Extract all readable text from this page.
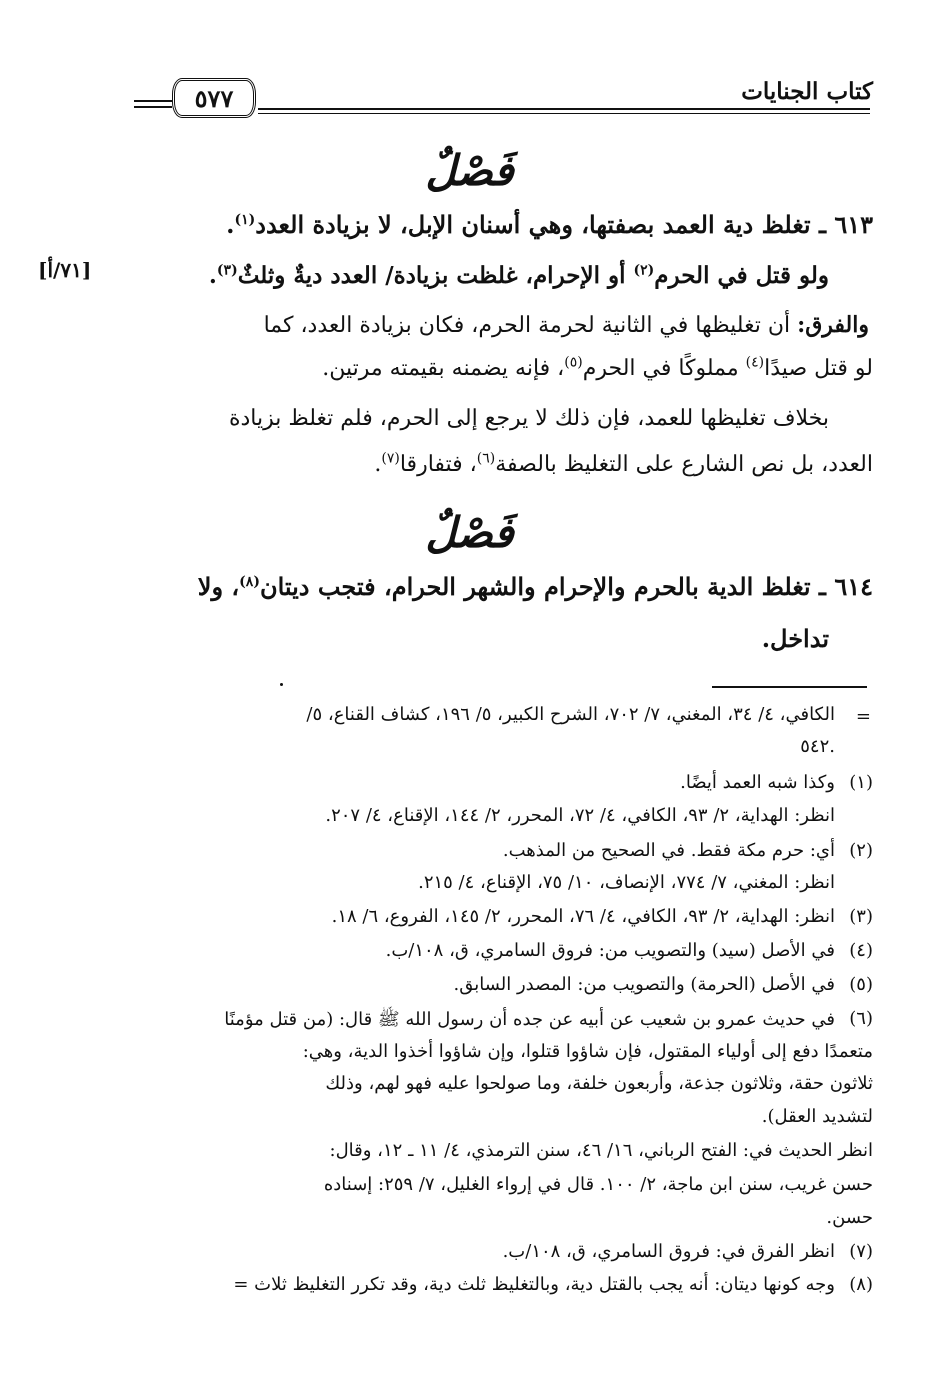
كتاب الجنايات
٥٧٧
فَصْلٌ
[٧١/أ]
٦١٣ ـ تغلظ دية العمد بصفتها، وهي أسنان الإبل، لا بزيادة العدد$^{(١)}$.
ولو قتل في الحرم$^{(٢)}$ أو الإحرام، غلظت بزيادة/ العدد ديةٌ وثلثٌ$^{(٣)}$.
والفرق: أن تغليظها في الثانية لحرمة الحرم، فكان بزيادة العدد، كما
لو قتل صيدًا$^{(٤)}$ مملوكًا في الحرم$^{(٥)}$، فإنه يضمنه بقيمته مرتين.
بخلاف تغليظها للعمد، فإن ذلك لا يرجع إلى الحرم، فلم تغلظ بزيادة
العدد، بل نص الشارع على التغليظ بالصفة$^{(٦)}$، فتفارقا$^{(٧)}$.
فَصْلٌ
٦١٤ ـ تغلظ الدية بالحرم والإحرام والشهر الحرام، فتجب ديتان$^{(٨)}$، ولا
تداخل.
=
الكافي، ٤/ ٣٤، المغني، ٧/ ٧٠٢، الشرح الكبير، ٥/ ١٩٦، كشاف القناع، ٥/
٥٤٢.
(١)
وكذا شبه العمد أيضًا.
انظر: الهداية، ٢/ ٩٣، الكافي، ٤/ ٧٢، المحرر، ٢/ ١٤٤، الإقناع، ٤/ ٢٠٧.
(٢)
أي: حرم مكة فقط. في الصحيح من المذهب.
انظر: المغني، ٧/ ٧٧٤، الإنصاف، ١٠/ ٧٥، الإقناع، ٤/ ٢١٥.
(٣)
انظر: الهداية، ٢/ ٩٣، الكافي، ٤/ ٧٦، المحرر، ٢/ ١٤٥، الفروع، ٦/ ١٨.
(٤)
في الأصل (سيد) والتصويب من: فروق السامري، ق، ١٠٨/ب.
(٥)
في الأصل (الحرمة) والتصويب من: المصدر السابق.
(٦)
في حديث عمرو بن شعيب عن أبيه عن جده أن رسول الله ﷺ قال: (من قتل مؤمنًا
متعمدًا دفع إلى أولياء المقتول، فإن شاؤوا قتلوا، وإن شاؤوا أخذوا الدية، وهي:
ثلاثون حقة، وثلاثون جذعة، وأربعون خلفة، وما صولحوا عليه فهو لهم، وذلك
لتشديد العقل).
انظر الحديث في: الفتح الرباني، ١٦/ ٤٦، سنن الترمذي، ٤/ ١١ ـ ١٢، وقال:
حسن غريب، سنن ابن ماجة، ٢/ ١٠٠. قال في إرواء الغليل، ٧/ ٢٥٩: إسناده
حسن.
(٧)
انظر الفرق في: فروق السامري، ق، ١٠٨/ب.
(٨)
وجه كونها ديتان: أنه يجب بالقتل دية، وبالتغليظ ثلث دية، وقد تكرر التغليظ ثلاث =
